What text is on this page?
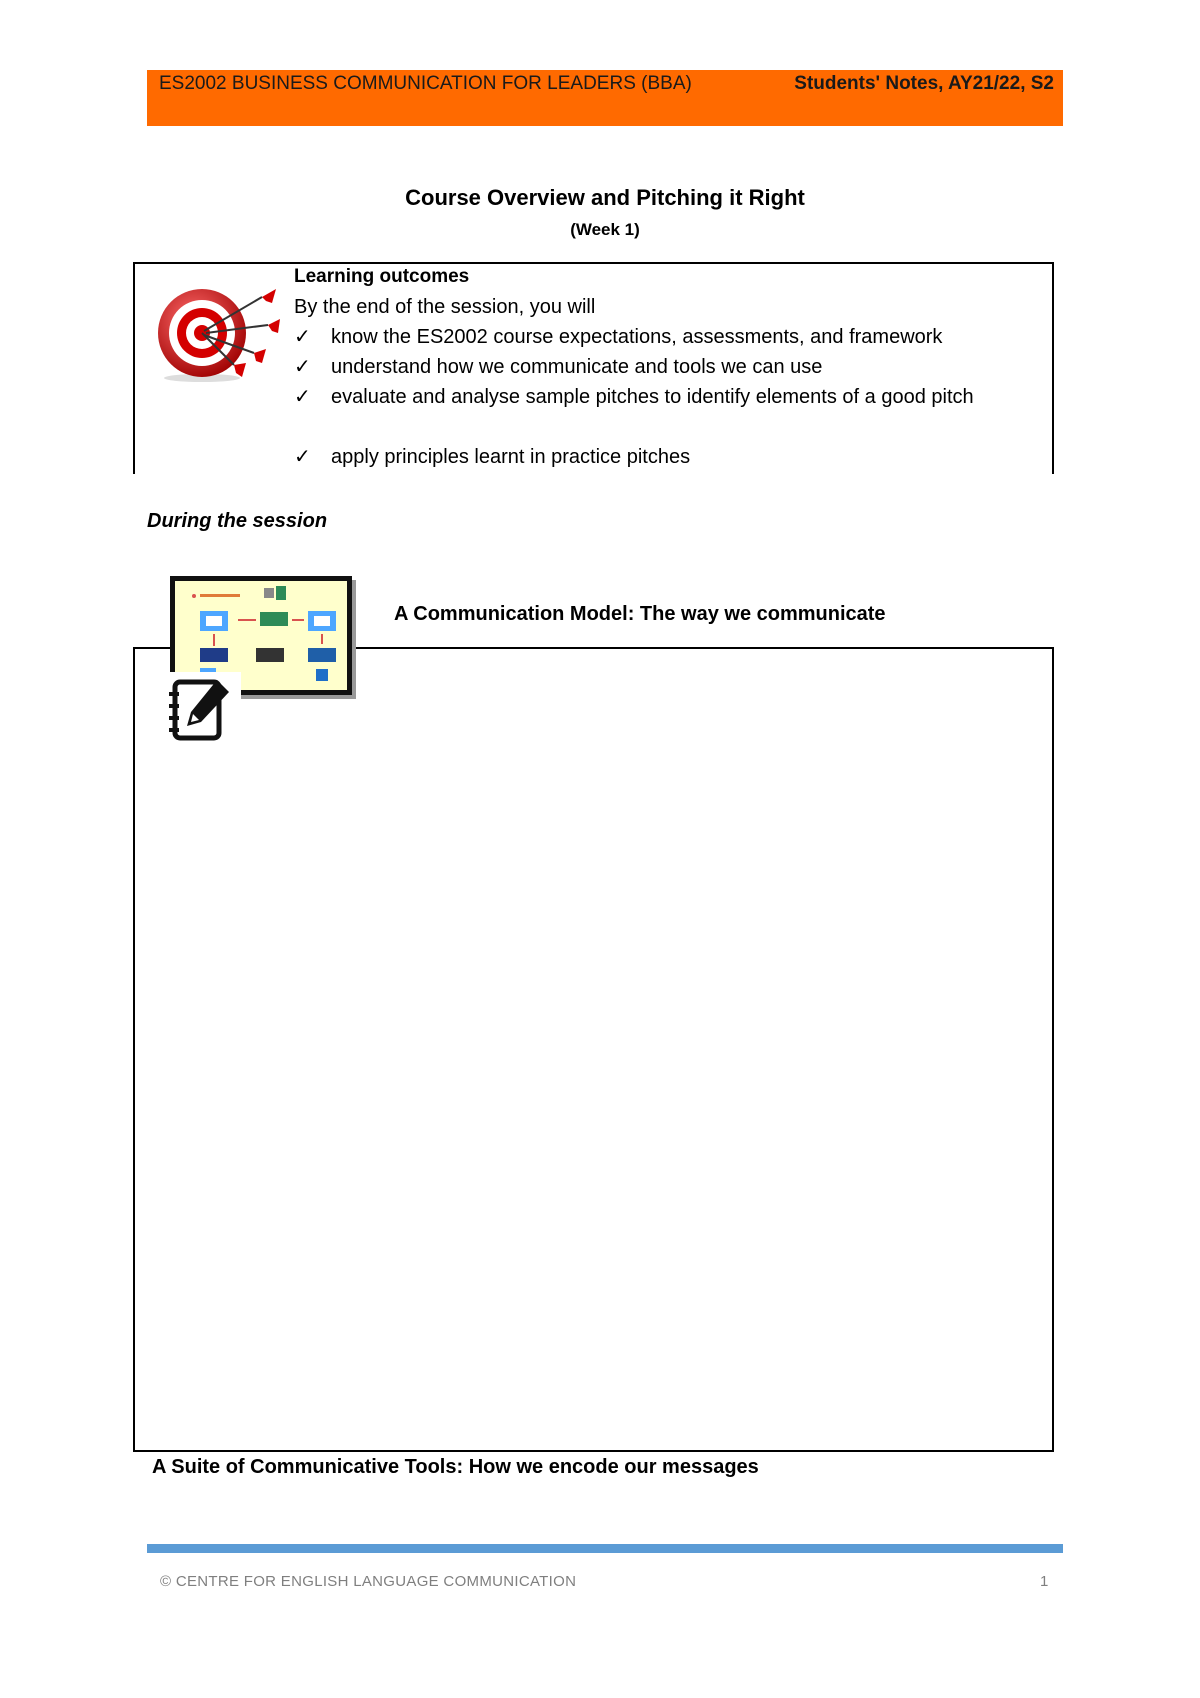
ES2002 BUSINESS COMMUNICATION FOR LEADERS (BBA)	Students' Notes, AY21/22, S2
Course Overview and Pitching it Right
(Week 1)
Learning outcomes
By the end of the session, you will
✓ know the ES2002 course expectations, assessments, and framework
✓ understand how we communicate and tools we can use
✓ evaluate and analyse sample pitches to identify elements of a good pitch
✓ apply principles learnt in practice pitches
During the session
A Communication Model: The way we communicate
A Suite of Communicative Tools: How we encode our messages
© CENTRE FOR ENGLISH LANGUAGE COMMUNICATION	1
